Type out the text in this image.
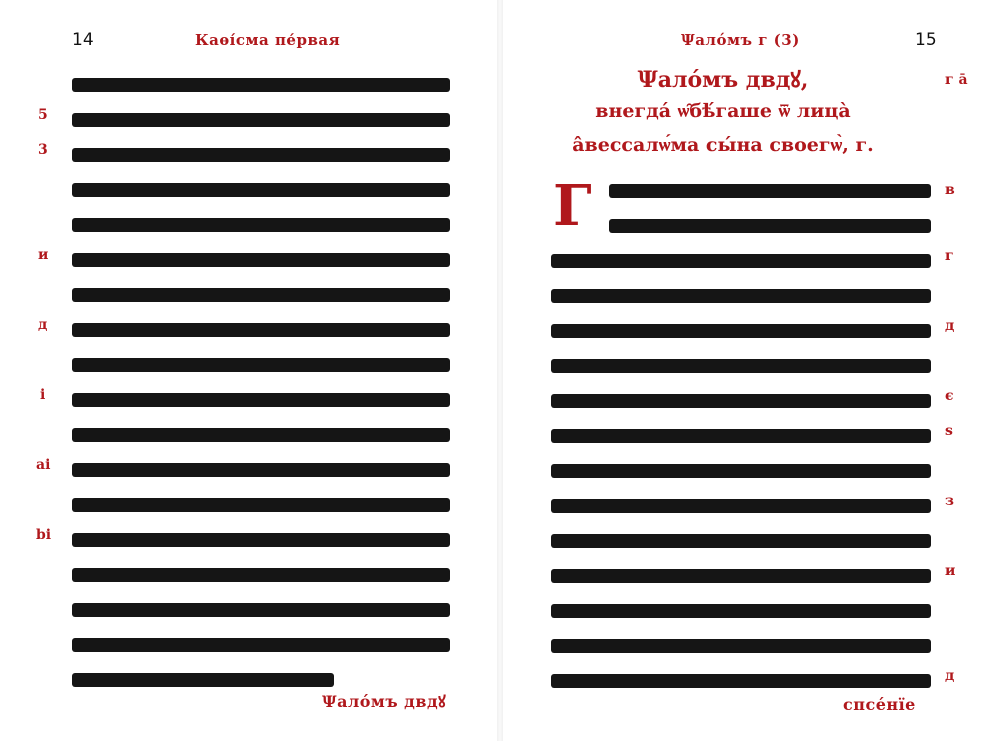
14	Каѳі́сма пе́рвая
5
3
и
д
і
ai
bi
Ψалóмъ двдꙋ
Ψалóмъ г (3)	15
г ā
Ψалóмъ двдꙋ,
внегдá ѡ̑бѣ́гаше ѿ лица̀
а̂вессалѡ́ма сы́на своегѡ̀, г.
Г	в
г
д
є
ѕ
з
и
д
спсе́нїе
